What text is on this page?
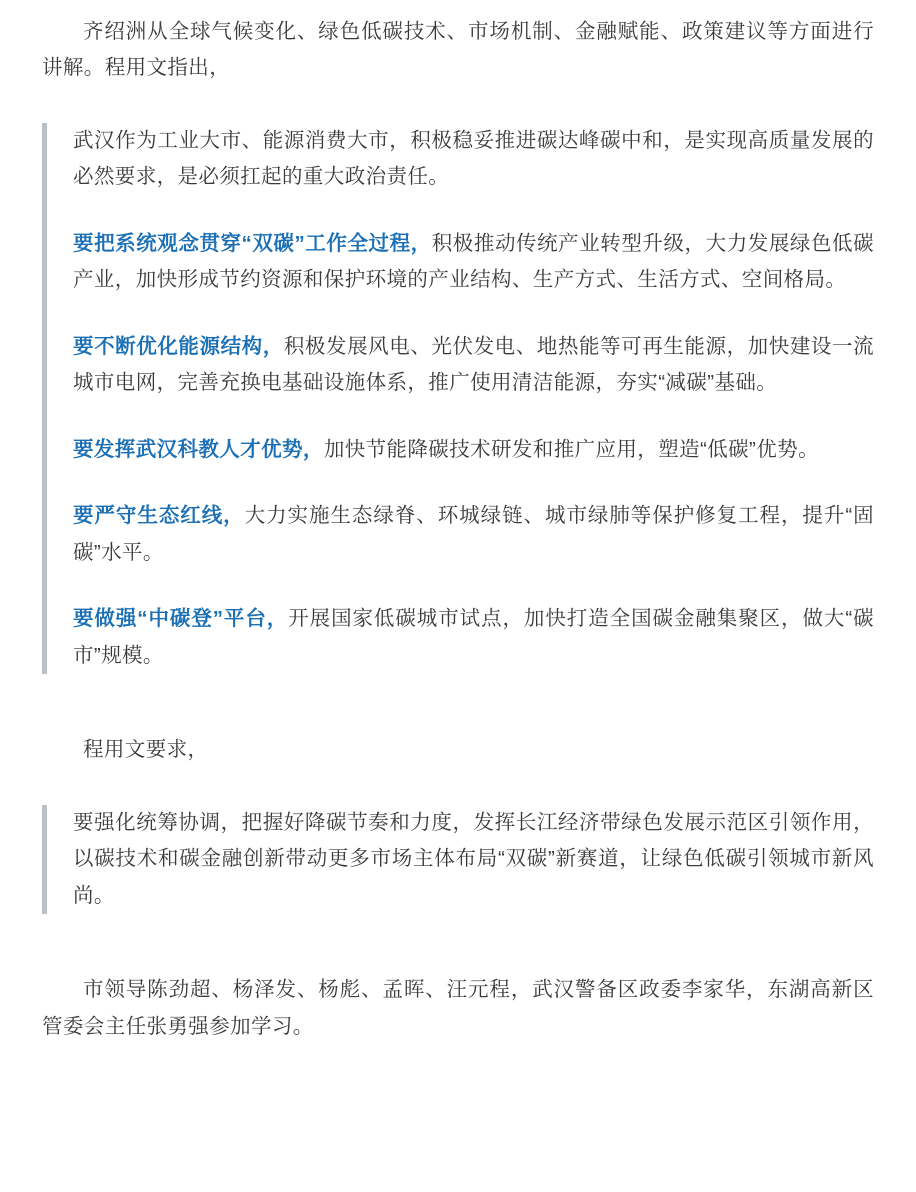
齐绍洲从全球气候变化、绿色低碳技术、市场机制、金融赋能、政策建议等方面进行讲解。程用文指出，

武汉作为工业大市、能源消费大市，积极稳妥推进碳达峰碳中和，是实现高质量发展的必然要求，是必须扛起的重大政治责任。

要把系统观念贯穿“双碳”工作全过程，积极推动传统产业转型升级，大力发展绿色低碳产业，加快形成节约资源和保护环境的产业结构、生产方式、生活方式、空间格局。

要不断优化能源结构，积极发展风电、光伏发电、地热能等可再生能源，加快建设一流城市电网，完善充换电基础设施体系，推广使用清洁能源，夯实“减碳”基础。

要发挥武汉科教人才优势，加快节能降碳技术研发和推广应用，塑造“低碳”优势。

要严守生态红线，大力实施生态绿脊、环城绿链、城市绿肺等保护修复工程，提升“固碳”水平。

要做强“中碳登”平台，开展国家低碳城市试点，加快打造全国碳金融集聚区，做大“碳市”规模。

程用文要求，

要强化统筹协调，把握好降碳节奏和力度，发挥长江经济带绿色发展示范区引领作用，以碳技术和碳金融创新带动更多市场主体布局“双碳”新赛道，让绿色低碳引领城市新风尚。

市领导陈劲超、杨泽发、杨彪、孟晖、汪元程，武汉警备区政委李家华，东湖高新区管委会主任张勇强参加学习。
